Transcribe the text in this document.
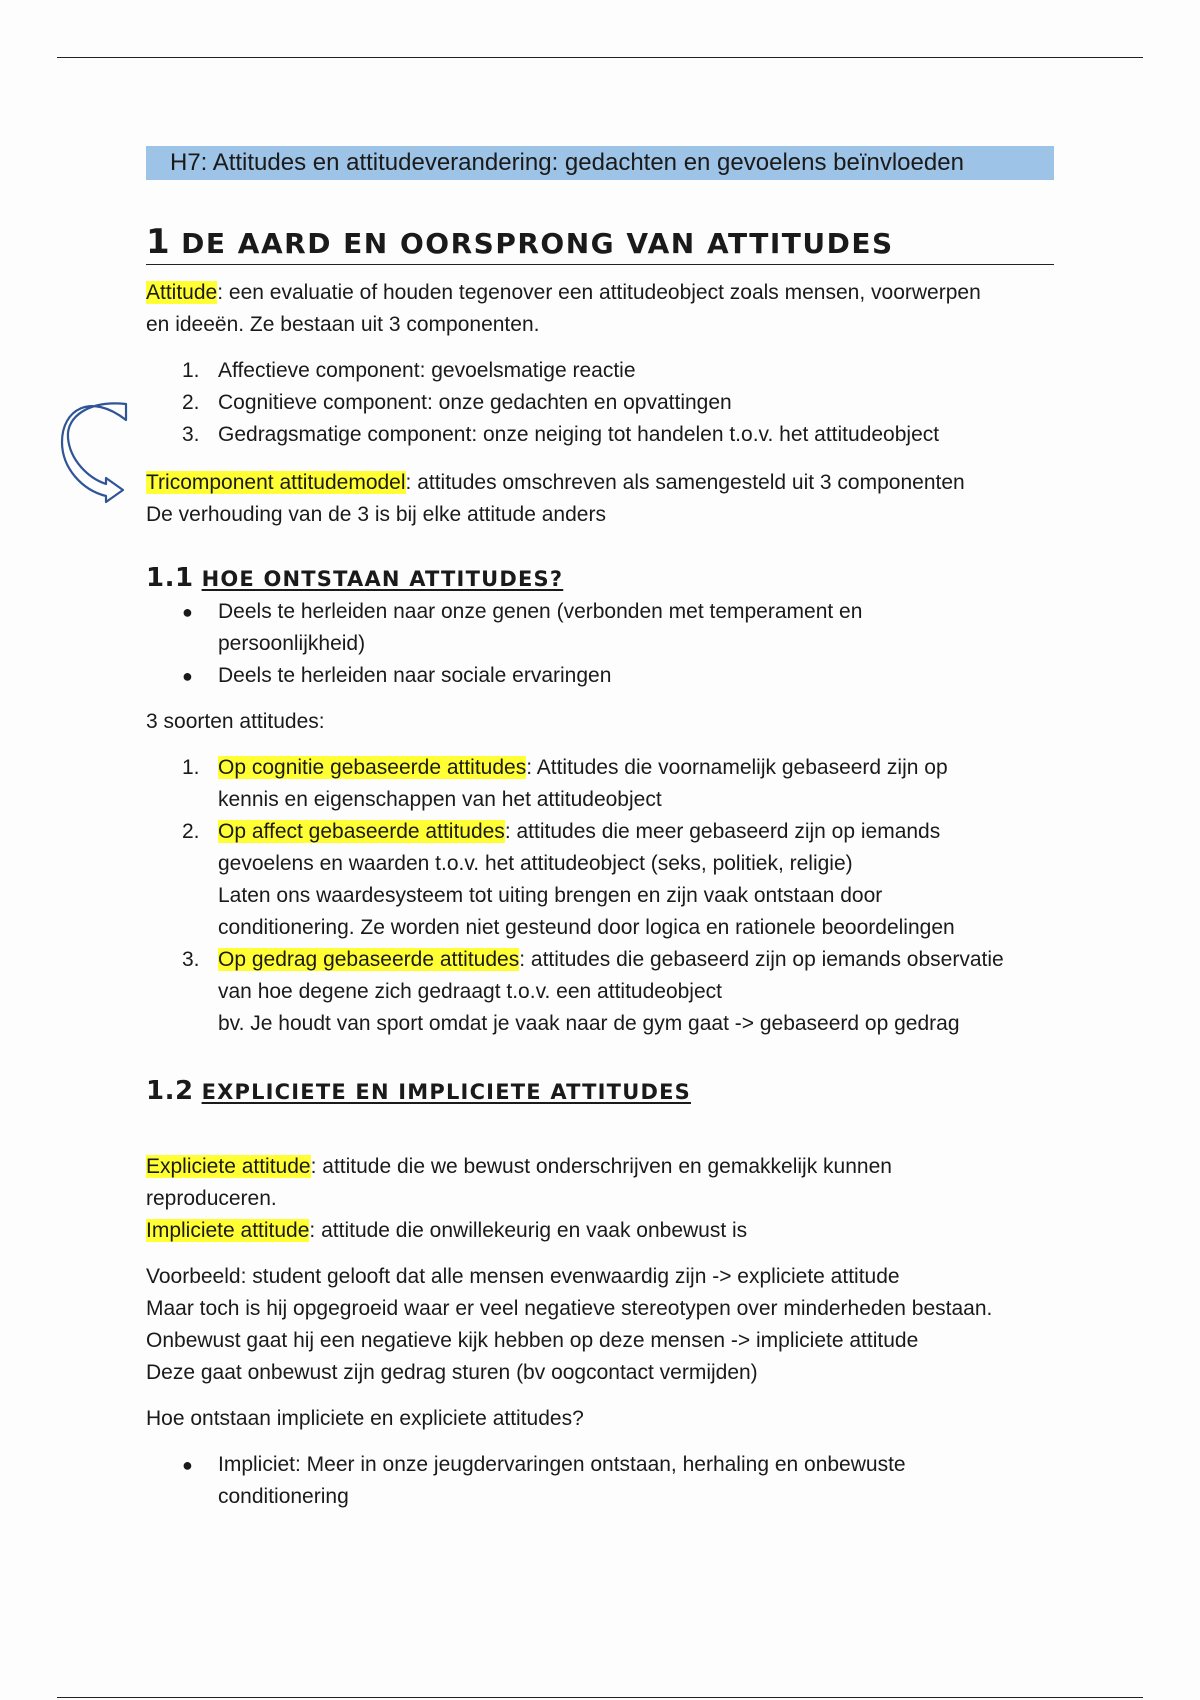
H7: Attitudes en attitudeverandering: gedachten en gevoelens beïnvloeden
1 DE AARD EN OORSPRONG VAN ATTITUDES

Attitude: een evaluatie of houden tegenover een attitudeobject zoals mensen, voorwerpen
en ideeën. Ze bestaan uit 3 componenten.

1. Affectieve component: gevoelsmatige reactie
2. Cognitieve component: onze gedachten en opvattingen
3. Gedragsmatige component: onze neiging tot handelen t.o.v. het attitudeobject

Tricomponent attitudemodel: attitudes omschreven als samengesteld uit 3 componenten
De verhouding van de 3 is bij elke attitude anders

1.1 HOE ONTSTAAN ATTITUDES?
● Deels te herleiden naar onze genen (verbonden met temperament en
persoonlijkheid)
● Deels te herleiden naar sociale ervaringen

3 soorten attitudes:

1. Op cognitie gebaseerde attitudes: Attitudes die voornamelijk gebaseerd zijn op
kennis en eigenschappen van het attitudeobject
2. Op affect gebaseerde attitudes: attitudes die meer gebaseerd zijn op iemands
gevoelens en waarden t.o.v. het attitudeobject (seks, politiek, religie)
Laten ons waardesysteem tot uiting brengen en zijn vaak ontstaan door
conditionering. Ze worden niet gesteund door logica en rationele beoordelingen
3. Op gedrag gebaseerde attitudes: attitudes die gebaseerd zijn op iemands observatie
van hoe degene zich gedraagt t.o.v. een attitudeobject
bv. Je houdt van sport omdat je vaak naar de gym gaat -> gebaseerd op gedrag
1.2 EXPLICIETE EN IMPLICIETE ATTITUDES

Expliciete attitude: attitude die we bewust onderschrijven en gemakkelijk kunnen
reproduceren.
Impliciete attitude: attitude die onwillekeurig en vaak onbewust is

Voorbeeld: student gelooft dat alle mensen evenwaardig zijn -> expliciete attitude
Maar toch is hij opgegroeid waar er veel negatieve stereotypen over minderheden bestaan.
Onbewust gaat hij een negatieve kijk hebben op deze mensen -> impliciete attitude
Deze gaat onbewust zijn gedrag sturen (bv oogcontact vermijden)

Hoe ontstaan impliciete en expliciete attitudes?

● Impliciet: Meer in onze jeugdervaringen ontstaan, herhaling en onbewuste
conditionering
